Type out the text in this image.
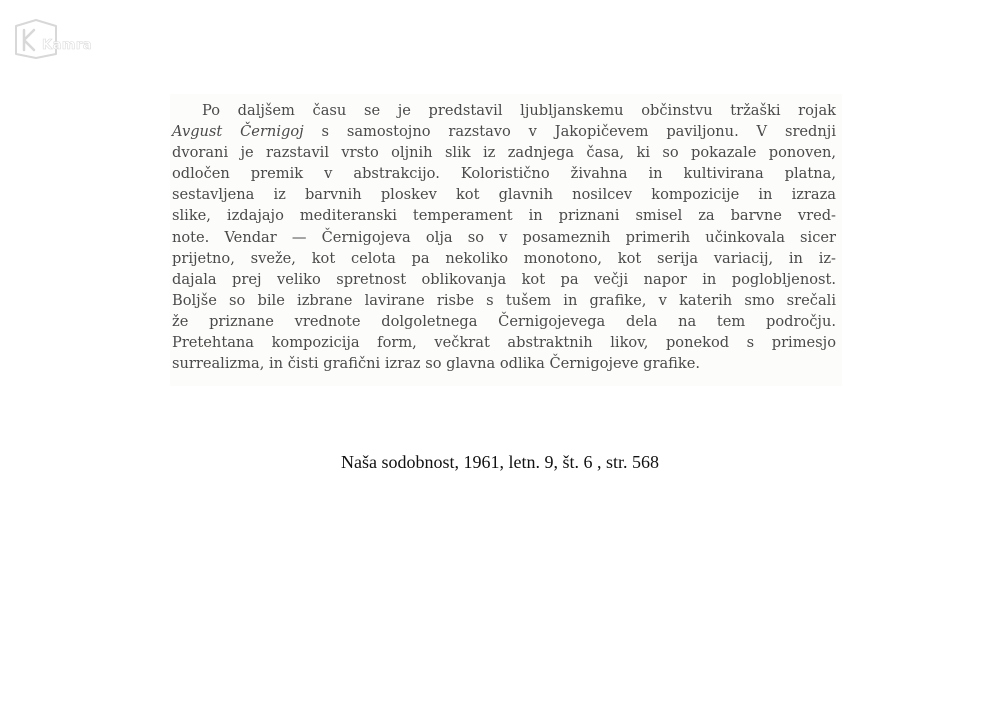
Kamra

Po daljšem času se je predstavil ljubljanskemu občinstvu tržaški rojak
Avgust Černigoj s samostojno razstavo v Jakopičevem paviljonu. V srednji
dvorani je razstavil vrsto oljnih slik iz zadnjega časa, ki so pokazale ponoven,
odločen premik v abstrakcijo. Koloristično živahna in kultivirana platna,
sestavljena iz barvnih ploskev kot glavnih nosilcev kompozicije in izraza
slike, izdajajo mediteranski temperament in priznani smisel za barvne vred-
note. Vendar — Černigojeva olja so v posameznih primerih učinkovala sicer
prijetno, sveže, kot celota pa nekoliko monotono, kot serija variacij, in iz-
dajala prej veliko spretnost oblikovanja kot pa večji napor in poglobljenost.
Boljše so bile izbrane lavirane risbe s tušem in grafike, v katerih smo srečali
že priznane vrednote dolgoletnega Černigojevega dela na tem področju.
Pretehtana kompozicija form, večkrat abstraktnih likov, ponekod s primesjo
surrealizma, in čisti grafični izraz so glavna odlika Černigojeve grafike.

Naša sodobnost, 1961, letn. 9, št. 6 , str. 568
